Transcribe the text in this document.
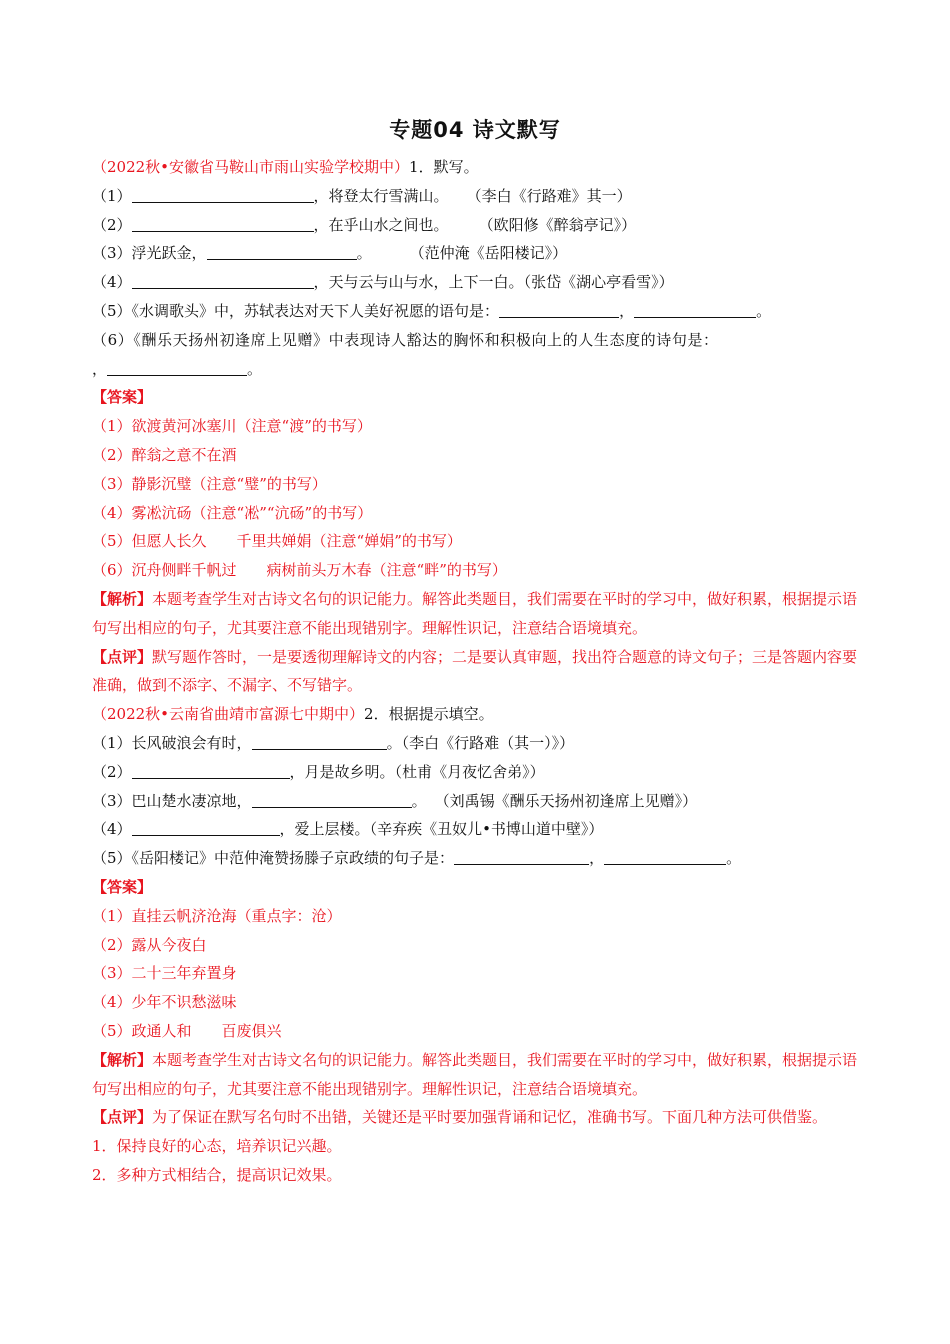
专题04 诗文默写
（2022秋•安徽省马鞍山市雨山实验学校期中）1．默写。
（1）	，将登太行雪满山。 （李白《行路难》其一）
（2）	，在乎山水之间也。 （欧阳修《醉翁亭记》）
（3）浮光跃金，	。	（范仲淹《岳阳楼记》）
（4）	，天与云与山与水，上下一白。（张岱《湖心亭看雪》）
（5）《水调歌头》中，苏轼表达对天下人美好祝愿的语句是：	，	。
（6）《酬乐天扬州初逢席上见赠》中表现诗人豁达的胸怀和积极向上的人生态度的诗句是：
，	。
【答案】
（1）欲渡黄河冰塞川（注意“渡”的书写）
（2）醉翁之意不在酒
（3）静影沉璧（注意“璧”的书写）
（4）雾凇沆砀（注意“凇”“沆砀”的书写）
（5）但愿人长久 千里共婵娟（注意“婵娟”的书写）
（6）沉舟侧畔千帆过 病树前头万木春（注意“畔”的书写）
【解析】本题考查学生对古诗文名句的识记能力。解答此类题目，我们需要在平时的学习中，做好积累，根据提示语句写出相应的句子，尤其要注意不能出现错别字。理解性识记，注意结合语境填充。
【点评】默写题作答时，一是要透彻理解诗文的内容；二是要认真审题，找出符合题意的诗文句子；三是答题内容要准确，做到不添字、不漏字、不写错字。
（2022秋•云南省曲靖市富源七中期中）2．根据提示填空。
（1）长风破浪会有时，	。（李白《行路难（其一）》）
（2）	，月是故乡明。（杜甫《月夜忆舍弟》）
（3）巴山楚水凄凉地，	。 （刘禹锡《酬乐天扬州初逢席上见赠》）
（4）	，爱上层楼。（辛弃疾《丑奴儿•书博山道中壁》）
（5）《岳阳楼记》中范仲淹赞扬滕子京政绩的句子是：	，	。
【答案】
（1）直挂云帆济沧海（重点字：沧）
（2）露从今夜白
（3）二十三年弃置身
（4）少年不识愁滋味
（5）政通人和 百废俱兴
【解析】本题考查学生对古诗文名句的识记能力。解答此类题目，我们需要在平时的学习中，做好积累，根据提示语句写出相应的句子，尤其要注意不能出现错别字。理解性识记，注意结合语境填充。
【点评】为了保证在默写名句时不出错，关键还是平时要加强背诵和记忆，准确书写。下面几种方法可供借鉴。
1．保持良好的心态，培养识记兴趣。
2．多种方式相结合，提高识记效果。
